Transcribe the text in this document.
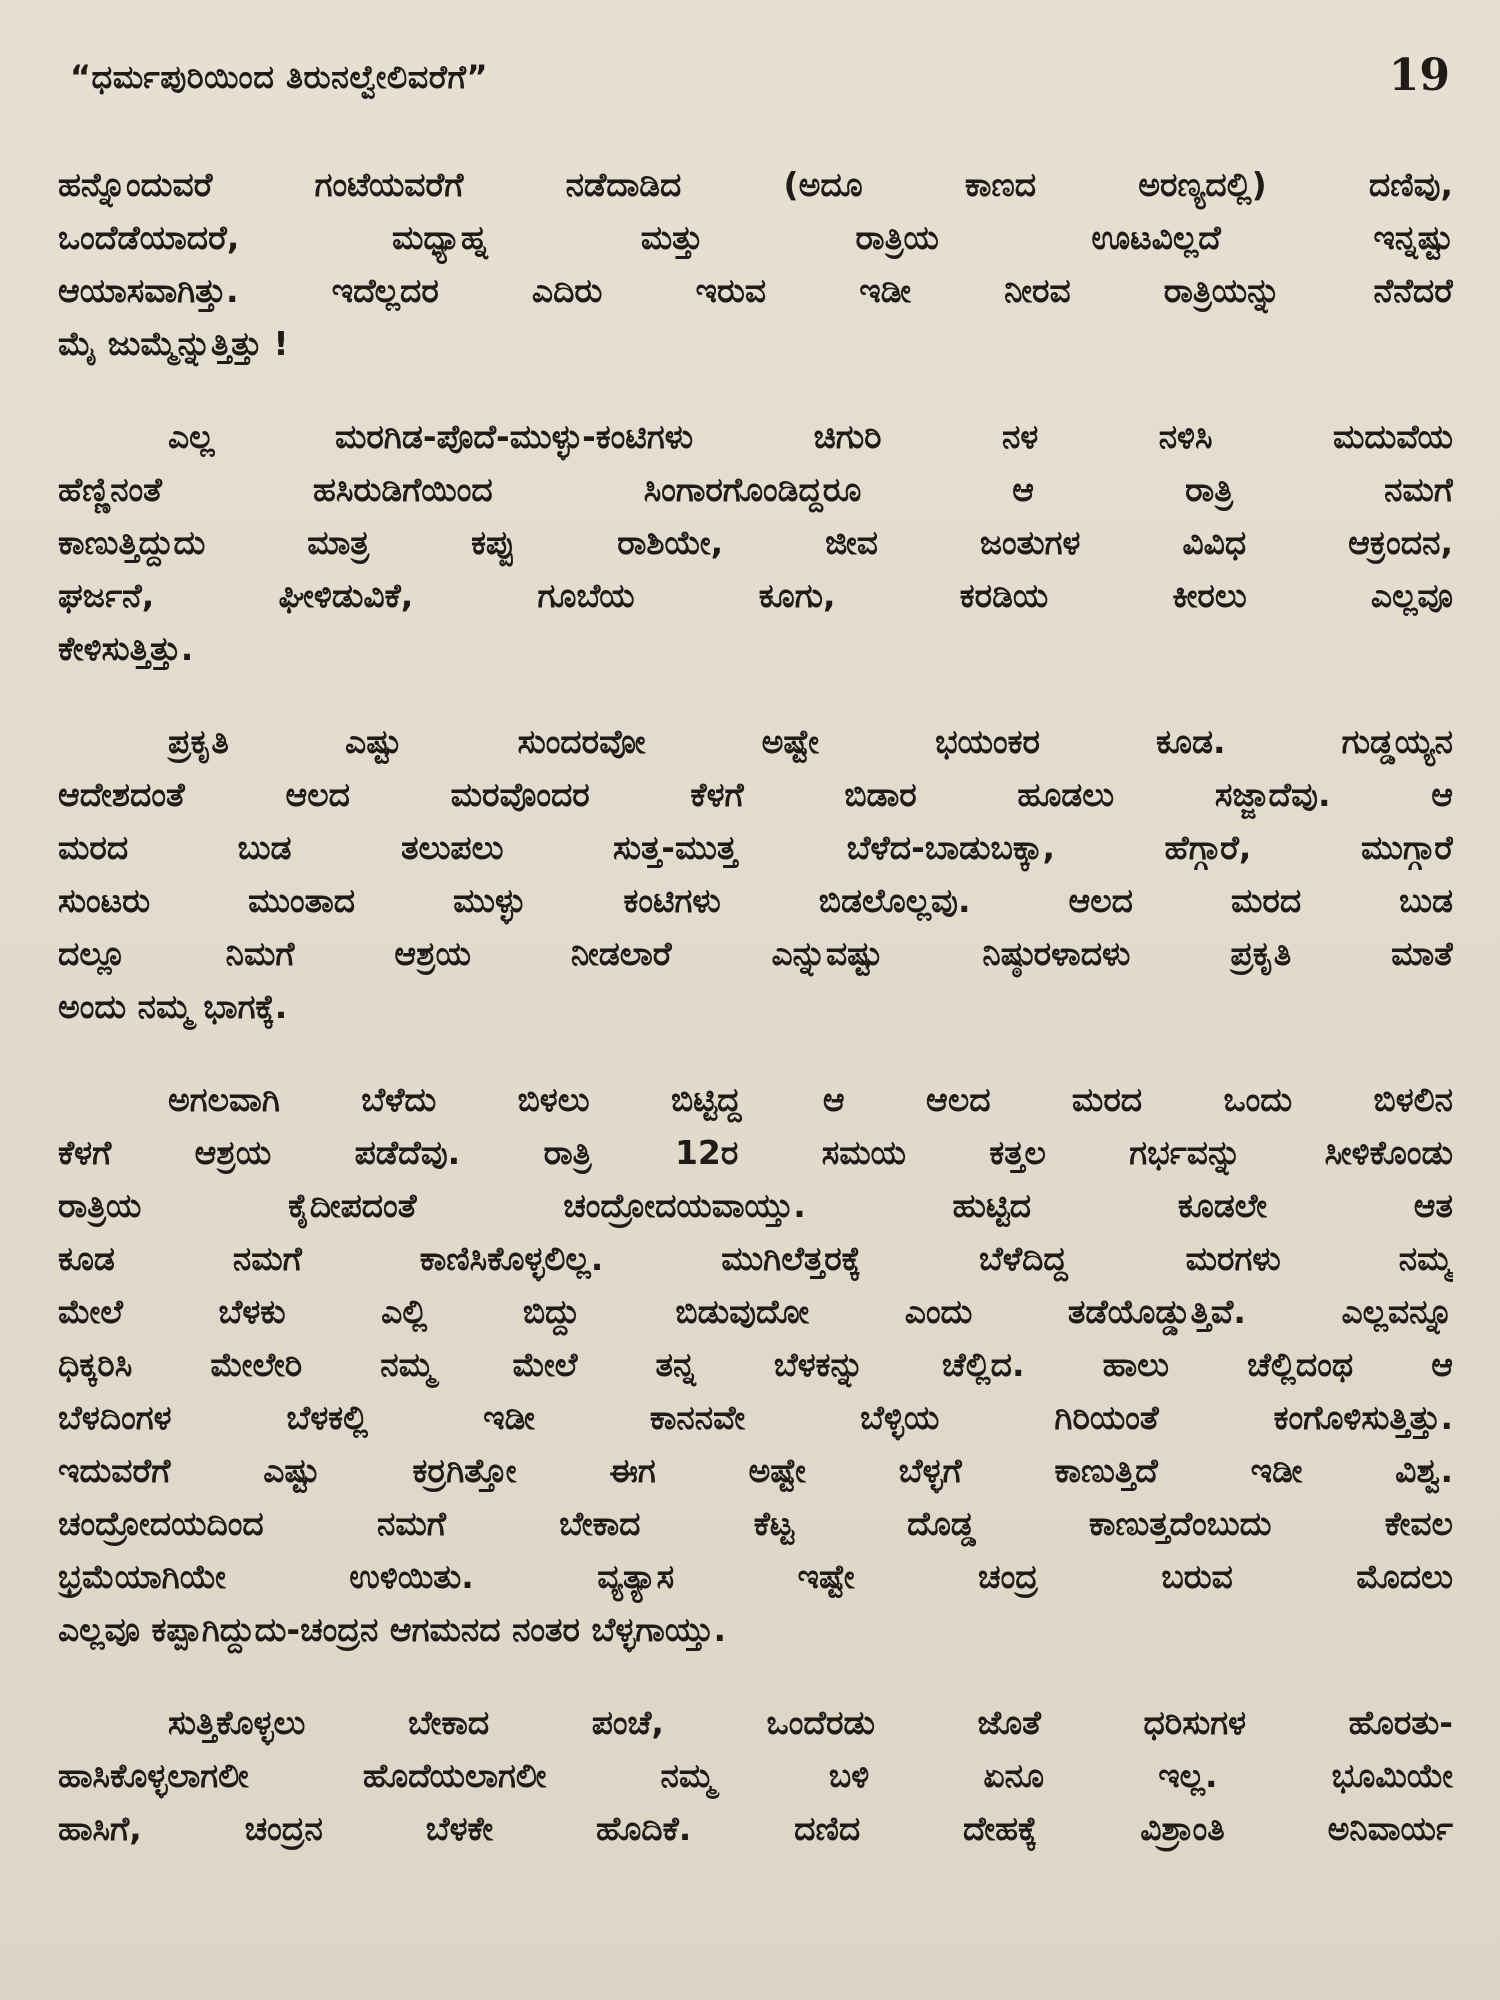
“ಧರ್ಮಪುರಿಯಿಂದ ತಿರುನಲ್ವೇಲಿವರೆಗೆ”	19
ಹನ್ನೊಂದುವರೆ ಗಂಟೆಯವರೆಗೆ ನಡೆದಾಡಿದ (ಅದೂ ಕಾಣದ ಅರಣ್ಯದಲ್ಲಿ) ದಣಿವು,
ಒಂದೆಡೆಯಾದರೆ, ಮಧ್ಯಾಹ್ನ ಮತ್ತು ರಾತ್ರಿಯ ಊಟವಿಲ್ಲದೆ ಇನ್ನಷ್ಟು
ಆಯಾಸವಾಗಿತ್ತು. ಇದೆಲ್ಲದರ ಎದಿರು ಇರುವ ಇಡೀ ನೀರವ ರಾತ್ರಿಯನ್ನು ನೆನೆದರೆ
ಮೈ ಜುಮ್ಮೆನ್ನುತ್ತಿತ್ತು !
ಎಲ್ಲ ಮರಗಿಡ-ಪೊದೆ-ಮುಳ್ಳು-ಕಂಟಿಗಳು ಚಿಗುರಿ ನಳ ನಳಿಸಿ ಮದುವೆಯ
ಹೆಣ್ಣಿನಂತೆ ಹಸಿರುಡಿಗೆಯಿಂದ ಸಿಂಗಾರಗೊಂಡಿದ್ದರೂ ಆ ರಾತ್ರಿ ನಮಗೆ
ಕಾಣುತ್ತಿದ್ದುದು ಮಾತ್ರ ಕಪ್ಪು ರಾಶಿಯೇ, ಜೀವ ಜಂತುಗಳ ವಿವಿಧ ಆಕ್ರಂದನ,
ಘರ್ಜನೆ, ಘೀಳಿಡುವಿಕೆ, ಗೂಬೆಯ ಕೂಗು, ಕರಡಿಯ ಕೀರಲು ಎಲ್ಲವೂ
ಕೇಳಿಸುತ್ತಿತ್ತು.
ಪ್ರಕೃತಿ ಎಷ್ಟು ಸುಂದರವೋ ಅಷ್ಟೇ ಭಯಂಕರ ಕೂಡ. ಗುಡ್ಡಯ್ಯನ
ಆದೇಶದಂತೆ ಆಲದ ಮರವೊಂದರ ಕೆಳಗೆ ಬಿಡಾರ ಹೂಡಲು ಸಜ್ಜಾದೆವು. ಆ
ಮರದ ಬುಡ ತಲುಪಲು ಸುತ್ತ-ಮುತ್ತ ಬೆಳೆದ-ಬಾಡುಬಕ್ಕಾ, ಹೆಗ್ಗಾರೆ, ಮುಗ್ಗಾರೆ
ಸುಂಟರು ಮುಂತಾದ ಮುಳ್ಳು ಕಂಟಿಗಳು ಬಿಡಲೊಲ್ಲವು. ಆಲದ ಮರದ ಬುಡ
ದಲ್ಲೂ ನಿಮಗೆ ಆಶ್ರಯ ನೀಡಲಾರೆ ಎನ್ನುವಷ್ಟು ನಿಷ್ಠುರಳಾದಳು ಪ್ರಕೃತಿ ಮಾತೆ
ಅಂದು ನಮ್ಮ ಭಾಗಕ್ಕೆ.
ಅಗಲವಾಗಿ ಬೆಳೆದು ಬಿಳಲು ಬಿಟ್ಟಿದ್ದ ಆ ಆಲದ ಮರದ ಒಂದು ಬಿಳಲಿನ
ಕೆಳಗೆ ಆಶ್ರಯ ಪಡೆದೆವು. ರಾತ್ರಿ 12ರ ಸಮಯ ಕತ್ತಲ ಗರ್ಭವನ್ನು ಸೀಳಿಕೊಂಡು
ರಾತ್ರಿಯ ಕೈದೀಪದಂತೆ ಚಂದ್ರೋದಯವಾಯ್ತು. ಹುಟ್ಟಿದ ಕೂಡಲೇ ಆತ
ಕೂಡ ನಮಗೆ ಕಾಣಿಸಿಕೊಳ್ಳಲಿಲ್ಲ. ಮುಗಿಲೆತ್ತರಕ್ಕೆ ಬೆಳೆದಿದ್ದ ಮರಗಳು ನಮ್ಮ
ಮೇಲೆ ಬೆಳಕು ಎಲ್ಲಿ ಬಿದ್ದು ಬಿಡುವುದೋ ಎಂದು ತಡೆಯೊಡ್ಡುತ್ತಿವೆ. ಎಲ್ಲವನ್ನೂ
ಧಿಕ್ಕರಿಸಿ ಮೇಲೇರಿ ನಮ್ಮ ಮೇಲೆ ತನ್ನ ಬೆಳಕನ್ನು ಚೆಲ್ಲಿದ. ಹಾಲು ಚೆಲ್ಲಿದಂಥ ಆ
ಬೆಳದಿಂಗಳ ಬೆಳಕಲ್ಲಿ ಇಡೀ ಕಾನನವೇ ಬೆಳ್ಳಿಯ ಗಿರಿಯಂತೆ ಕಂಗೊಳಿಸುತ್ತಿತ್ತು.
ಇದುವರೆಗೆ ಎಷ್ಟು ಕರ್ರಗಿತ್ತೋ ಈಗ ಅಷ್ಟೇ ಬೆಳ್ಳಗೆ ಕಾಣುತ್ತಿದೆ ಇಡೀ ವಿಶ್ವ.
ಚಂದ್ರೋದಯದಿಂದ ನಮಗೆ ಬೇಕಾದ ಕೆಟ್ಟ ದೊಡ್ಡ ಕಾಣುತ್ತದೆಂಬುದು ಕೇವಲ
ಭ್ರಮೆಯಾಗಿಯೇ ಉಳಿಯಿತು. ವ್ಯತ್ಯಾಸ ಇಷ್ಟೇ ಚಂದ್ರ ಬರುವ ಮೊದಲು
ಎಲ್ಲವೂ ಕಪ್ಪಾಗಿದ್ದುದು-ಚಂದ್ರನ ಆಗಮನದ ನಂತರ ಬೆಳ್ಳಗಾಯ್ತು.
ಸುತ್ತಿಕೊಳ್ಳಲು ಬೇಕಾದ ಪಂಚೆ, ಒಂದೆರಡು ಜೊತೆ ಧರಿಸುಗಳ ಹೊರತು-
ಹಾಸಿಕೊಳ್ಳಲಾಗಲೀ ಹೊದೆಯಲಾಗಲೀ ನಮ್ಮ ಬಳಿ ಏನೂ ಇಲ್ಲ. ಭೂಮಿಯೇ
ಹಾಸಿಗೆ, ಚಂದ್ರನ ಬೆಳಕೇ ಹೊದಿಕೆ. ದಣಿದ ದೇಹಕ್ಕೆ ವಿಶ್ರಾಂತಿ ಅನಿವಾರ್ಯ
